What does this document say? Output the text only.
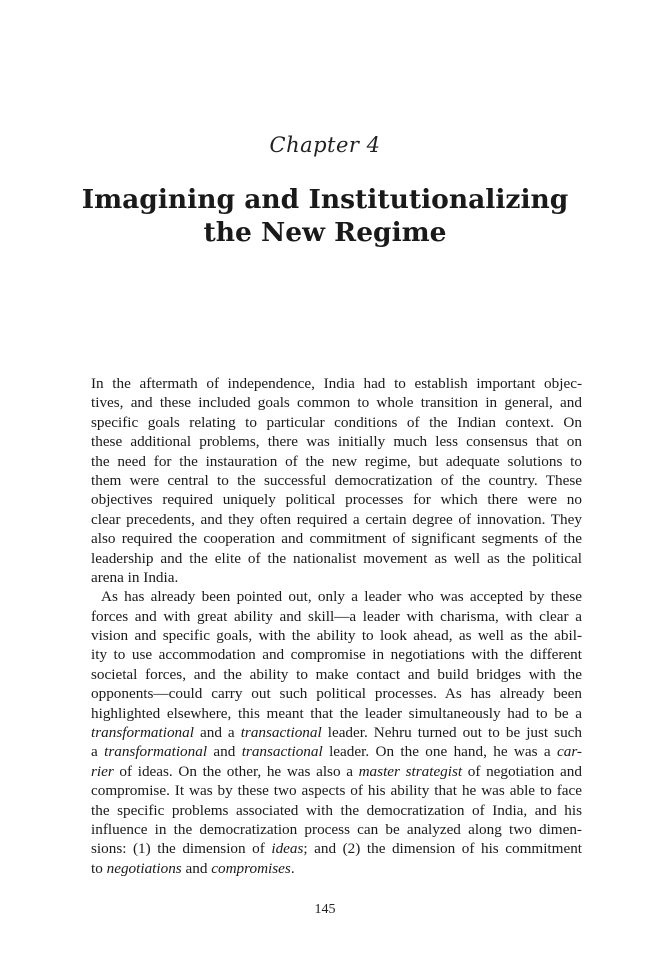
Chapter 4
Imagining and Institutionalizing
the New Regime
In the aftermath of independence, India had to establish important objec-
tives, and these included goals common to whole transition in general, and
specific goals relating to particular conditions of the Indian context. On
these additional problems, there was initially much less consensus that on
the need for the instauration of the new regime, but adequate solutions to
them were central to the successful democratization of the country. These
objectives required uniquely political processes for which there were no
clear precedents, and they often required a certain degree of innovation. They
also required the cooperation and commitment of significant segments of the
leadership and the elite of the nationalist movement as well as the political
arena in India.
As has already been pointed out, only a leader who was accepted by these
forces and with great ability and skill—a leader with charisma, with clear a
vision and specific goals, with the ability to look ahead, as well as the abil-
ity to use accommodation and compromise in negotiations with the different
societal forces, and the ability to make contact and build bridges with the
opponents—could carry out such political processes. As has already been
highlighted elsewhere, this meant that the leader simultaneously had to be a
transformational and a transactional leader. Nehru turned out to be just such
a transformational and transactional leader. On the one hand, he was a car-
rier of ideas. On the other, he was also a master strategist of negotiation and
compromise. It was by these two aspects of his ability that he was able to face
the specific problems associated with the democratization of India, and his
influence in the democratization process can be analyzed along two dimen-
sions: (1) the dimension of ideas; and (2) the dimension of his commitment
to negotiations and compromises.
145
